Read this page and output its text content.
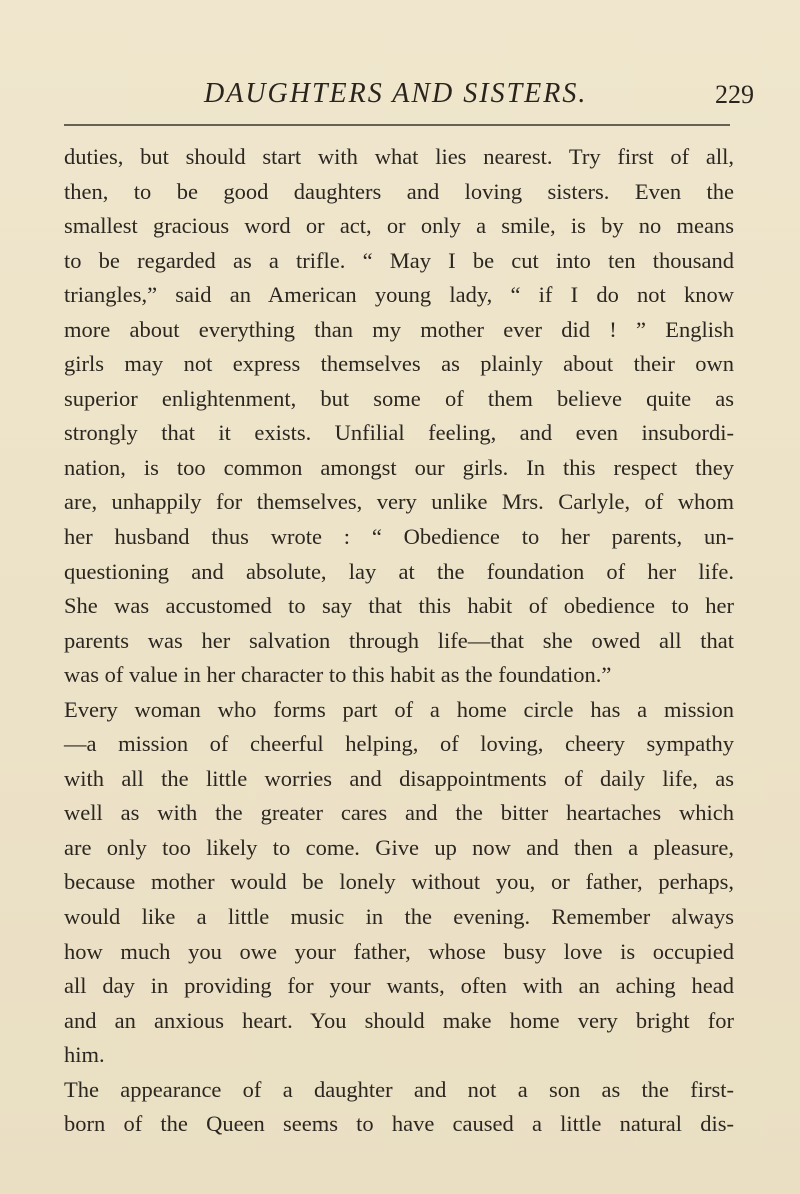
DAUGHTERS AND SISTERS.	229
duties, but should start with what lies nearest. Try first of all,
then, to be good daughters and loving sisters. Even the
smallest gracious word or act, or only a smile, is by no means
to be regarded as a trifle. “ May I be cut into ten thousand
triangles,” said an American young lady, “ if I do not know
more about everything than my mother ever did ! ” English
girls may not express themselves as plainly about their own
superior enlightenment, but some of them believe quite as
strongly that it exists. Unfilial feeling, and even insubordi-
nation, is too common amongst our girls. In this respect they
are, unhappily for themselves, very unlike Mrs. Carlyle, of whom
her husband thus wrote : “ Obedience to her parents, un-
questioning and absolute, lay at the foundation of her life.
She was accustomed to say that this habit of obedience to her
parents was her salvation through life—that she owed all that
was of value in her character to this habit as the foundation.”
Every woman who forms part of a home circle has a mission
—a mission of cheerful helping, of loving, cheery sympathy
with all the little worries and disappointments of daily life, as
well as with the greater cares and the bitter heartaches which
are only too likely to come. Give up now and then a pleasure,
because mother would be lonely without you, or father, perhaps,
would like a little music in the evening. Remember always
how much you owe your father, whose busy love is occupied
all day in providing for your wants, often with an aching head
and an anxious heart. You should make home very bright for
him.
The appearance of a daughter and not a son as the first-
born of the Queen seems to have caused a little natural dis-
